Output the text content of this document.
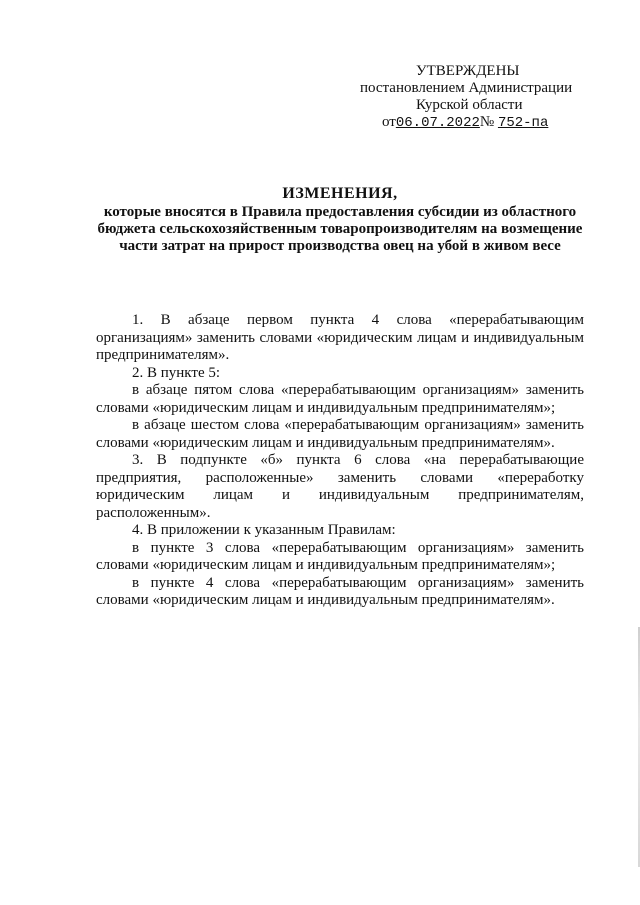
УТВЕРЖДЕНЫ
постановлением Администрации
Курской области
от06.07.2022№ 752-па
ИЗМЕНЕНИЯ,
которые вносятся в Правила предоставления субсидии из областного бюджета сельскохозяйственным товаропроизводителям на возмещение части затрат на прирост производства овец на убой в живом весе

1. В абзаце первом пункта 4 слова «перерабатывающим организациям» заменить словами «юридическим лицам и индивидуальным предпринимателям».

2. В пункте 5:

в абзаце пятом слова «перерабатывающим организациям» заменить словами «юридическим лицам и индивидуальным предпринимателям»;

в абзаце шестом слова «перерабатывающим организациям» заменить словами «юридическим лицам и индивидуальным предпринимателям».

3. В подпункте «б» пункта 6 слова «на перерабатывающие предприятия, расположенные» заменить словами «переработку юридическим лицам и индивидуальным предпринимателям, расположенным».

4. В приложении к указанным Правилам:

в пункте 3 слова «перерабатывающим организациям» заменить словами «юридическим лицам и индивидуальным предпринимателям»;

в пункте 4 слова «перерабатывающим организациям» заменить словами «юридическим лицам и индивидуальным предпринимателям».
